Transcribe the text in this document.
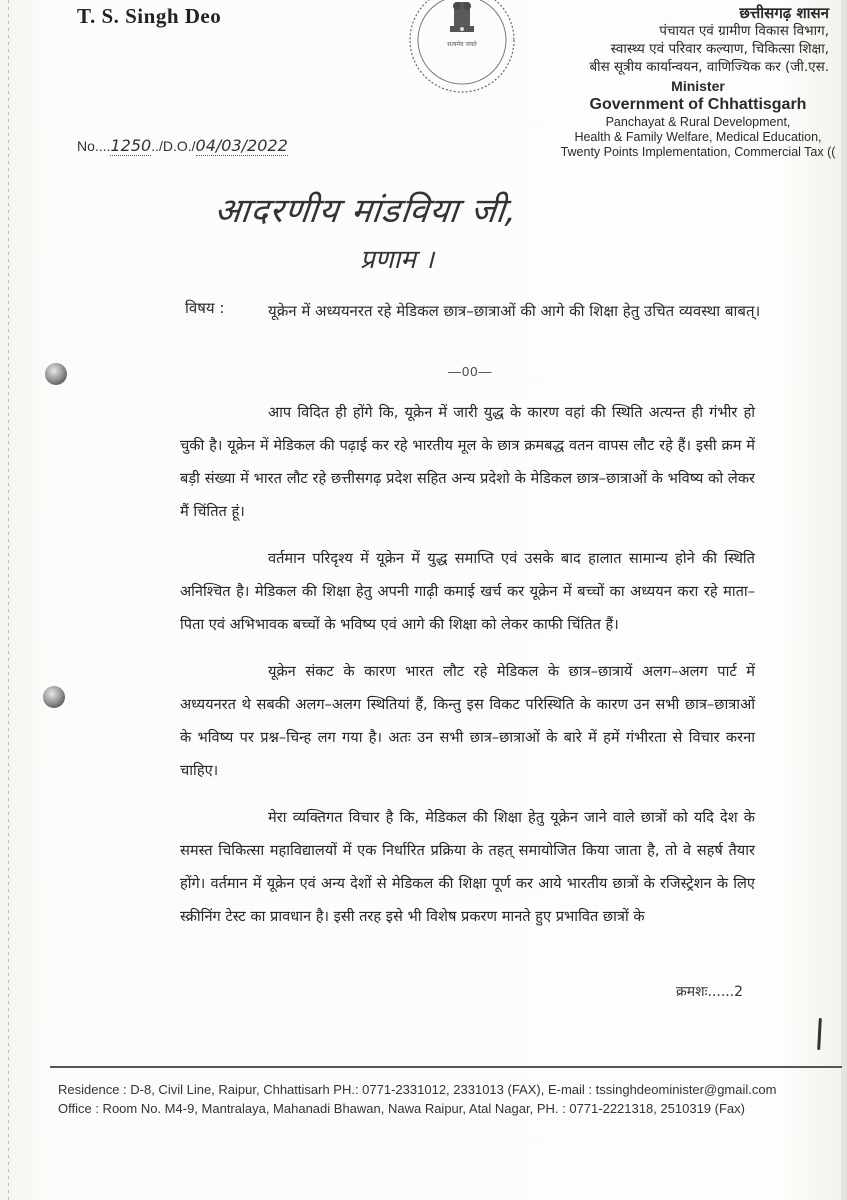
T. S. Singh Deo
सत्यमेव जयते
छत्तीसगढ़ शासन
पंचायत एवं ग्रामीण विकास विभाग,
स्वास्थ्य एवं परिवार कल्याण, चिकित्सा शिक्षा,
बीस सूत्रीय कार्यान्वयन, वाणिज्यिक कर (जी.एस.
Minister
Government of Chhattisgarh
Panchayat & Rural Development,
Health & Family Welfare, Medical Education,
Twenty Points Implementation, Commercial Tax ((
No....1250../D.O./04/03/2022
आदरणीय मांडविया जी,
प्रणाम ।
विषय :	यूक्रेन में अध्ययनरत रहे मेडिकल छात्र–छात्राओं की आगे की शिक्षा हेतु उचित व्यवस्था बाबत्।
—00—

आप विदित ही होंगे कि, यूक्रेन में जारी युद्ध के कारण वहां की स्थिति अत्यन्त ही गंभीर हो चुकी है। यूक्रेन में मेडिकल की पढ़ाई कर रहे भारतीय मूल के छात्र क्रमबद्ध वतन वापस लौट रहे हैं। इसी क्रम में बड़ी संख्या में भारत लौट रहे छत्तीसगढ़ प्रदेश सहित अन्य प्रदेशो के मेडिकल छात्र–छात्राओं के भविष्य को लेकर मैं चिंतित हूं।

वर्तमान परिदृश्य में यूक्रेन में युद्ध समाप्ति एवं उसके बाद हालात सामान्य होने की स्थिति अनिश्चित है। मेडिकल की शिक्षा हेतु अपनी गाढ़ी कमाई खर्च कर यूक्रेन में बच्चों का अध्ययन करा रहे माता–पिता एवं अभिभावक बच्चों के भविष्य एवं आगे की शिक्षा को लेकर काफी चिंतित हैं।

यूक्रेन संकट के कारण भारत लौट रहे मेडिकल के छात्र–छात्रायें अलग–अलग पार्ट में अध्ययनरत थे सबकी अलग–अलग स्थितियां हैं, किन्तु इस विकट परिस्थिति के कारण उन सभी छात्र–छात्राओं के भविष्य पर प्रश्न–चिन्ह लग गया है। अतः उन सभी छात्र–छात्राओं के बारे में हमें गंभीरता से विचार करना चाहिए।

मेरा व्यक्तिगत विचार है कि, मेडिकल की शिक्षा हेतु यूक्रेन जाने वाले छात्रों को यदि देश के समस्त चिकित्सा महाविद्यालयों में एक निर्धारित प्रक्रिया के तहत् समायोजित किया जाता है, तो वे सहर्ष तैयार होंगे। वर्तमान में यूक्रेन एवं अन्य देशों से मेडिकल की शिक्षा पूर्ण कर आये भारतीय छात्रों के रजिस्ट्रेशन के लिए स्क्रीनिंग टेस्ट का प्रावधान है। इसी तरह इसे भी विशेष प्रकरण मानते हुए प्रभावित छात्रों के

क्रमशः......2
Residence : D-8, Civil Line, Raipur, Chhattisarh PH.: 0771-2331012, 2331013 (FAX), E-mail : tssinghdeominister@gmail.com
Office : Room No. M4-9, Mantralaya, Mahanadi Bhawan, Nawa Raipur, Atal Nagar, PH. : 0771-2221318, 2510319 (Fax)
